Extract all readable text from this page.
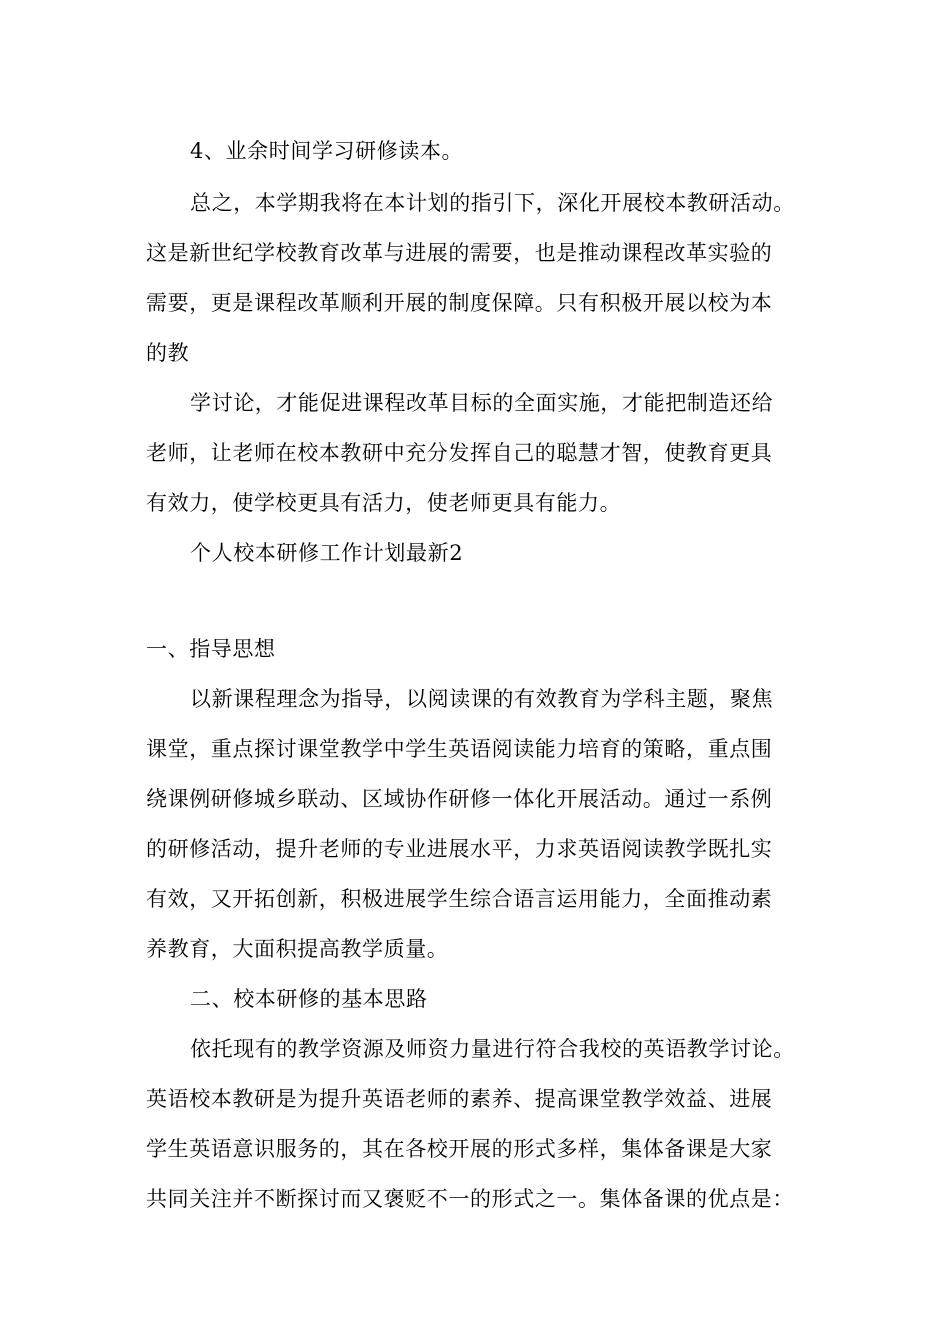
4、业余时间学习研修读本。
总之，本学期我将在本计划的指引下，深化开展校本教研活动。
这是新世纪学校教育改革与进展的需要，也是推动课程改革实验的
需要，更是课程改革顺利开展的制度保障。只有积极开展以校为本
的教
学讨论，才能促进课程改革目标的全面实施，才能把制造还给
老师，让老师在校本教研中充分发挥自己的聪慧才智，使教育更具
有效力，使学校更具有活力，使老师更具有能力。
个人校本研修工作计划最新2
一、指导思想
以新课程理念为指导，以阅读课的有效教育为学科主题，聚焦
课堂，重点探讨课堂教学中学生英语阅读能力培育的策略，重点围
绕课例研修城乡联动、区域协作研修一体化开展活动。通过一系例
的研修活动，提升老师的专业进展水平，力求英语阅读教学既扎实
有效，又开拓创新，积极进展学生综合语言运用能力，全面推动素
养教育，大面积提高教学质量。
二、校本研修的基本思路
依托现有的教学资源及师资力量进行符合我校的英语教学讨论。
英语校本教研是为提升英语老师的素养、提高课堂教学效益、进展
学生英语意识服务的，其在各校开展的形式多样，集体备课是大家
共同关注并不断探讨而又褒贬不一的形式之一。集体备课的优点是：
